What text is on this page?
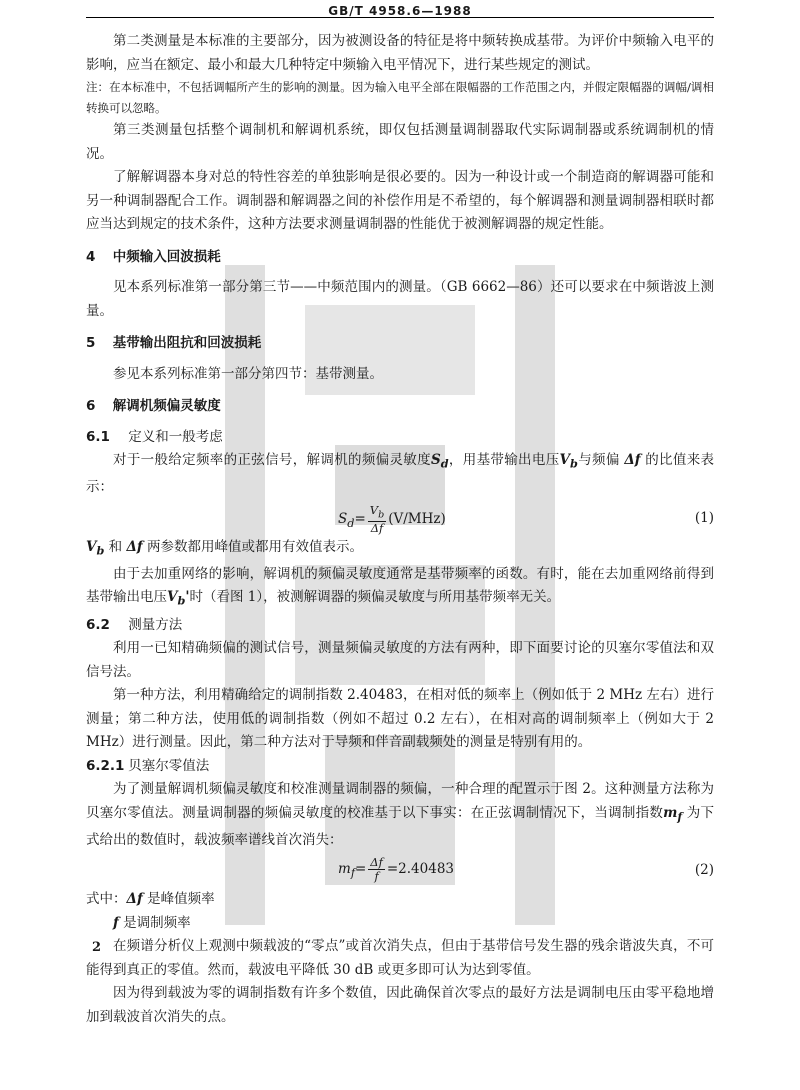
GB/T 4958.6—1988

第二类测量是本标准的主要部分，因为被测设备的特征是将中频转换成基带。为评价中频输入电平的影响，应当在额定、最小和最大几种特定中频输入电平情况下，进行某些规定的测试。

注：在本标准中，不包括调幅所产生的影响的测量。因为输入电平全部在限幅器的工作范围之内，并假定限幅器的调幅/调相转换可以忽略。

第三类测量包括整个调制机和解调机系统，即仅包括测量调制器取代实际调制器或系统调制机的情况。

了解解调器本身对总的特性容差的单独影响是很必要的。因为一种设计或一个制造商的解调器可能和另一种调制器配合工作。调制器和解调器之间的补偿作用是不希望的，每个解调器和测量调制器相联时都应当达到规定的技术条件，这种方法要求测量调制器的性能优于被测解调器的规定性能。

4 中频输入回波损耗

见本系列标准第一部分第三节——中频范围内的测量。（GB 6662—86）还可以要求在中频谐波上测量。

5 基带输出阻抗和回波损耗

参见本系列标准第一部分第四节：基带测量。

6 解调机频偏灵敏度
6.1 定义和一般考虑

对于一般给定频率的正弦信号，解调机的频偏灵敏度$S_d$，用基带输出电压$V_b$与频偏 Δf 的比值来表示：

$S_d= \frac{V_b}{\Delta f} (V/MHz)$	(1)

$V_b$ 和 Δf 两参数都用峰值或都用有效值表示。

由于去加重网络的影响，解调机的频偏灵敏度通常是基带频率的函数。有时，能在去加重网络前得到基带输出电压$V_b'$时（看图 1），被测解调器的频偏灵敏度与所用基带频率无关。

6.2 测量方法

利用一已知精确频偏的测试信号，测量频偏灵敏度的方法有两种，即下面要讨论的贝塞尔零值法和双信号法。

第一种方法，利用精确给定的调制指数 2.40483，在相对低的频率上（例如低于 2 MHz 左右）进行测量；第二种方法，使用低的调制指数（例如不超过 0.2 左右），在相对高的调制频率上（例如大于 2 MHz）进行测量。因此，第二种方法对于导频和伴音副载频处的测量是特别有用的。

6.2.1 贝塞尔零值法

为了测量解调机频偏灵敏度和校准测量调制器的频偏，一种合理的配置示于图 2。这种测量方法称为贝塞尔零值法。测量调制器的频偏灵敏度的校准基于以下事实：在正弦调制情况下，当调制指数$m_f$ 为下式给出的数值时，载波频率谱线首次消失：

$m_f= \frac{\Delta f}{f} =2.40483$	(2)

式中：Δf 是峰值频率

f 是调制频率

在频谱分析仪上观测中频载波的“零点”或首次消失点，但由于基带信号发生器的残余谐波失真，不可能得到真正的零值。然而，载波电平降低 30 dB 或更多即可认为达到零值。

因为得到载波为零的调制指数有许多个数值，因此确保首次零点的最好方法是调制电压由零平稳地增加到载波首次消失的点。

2
